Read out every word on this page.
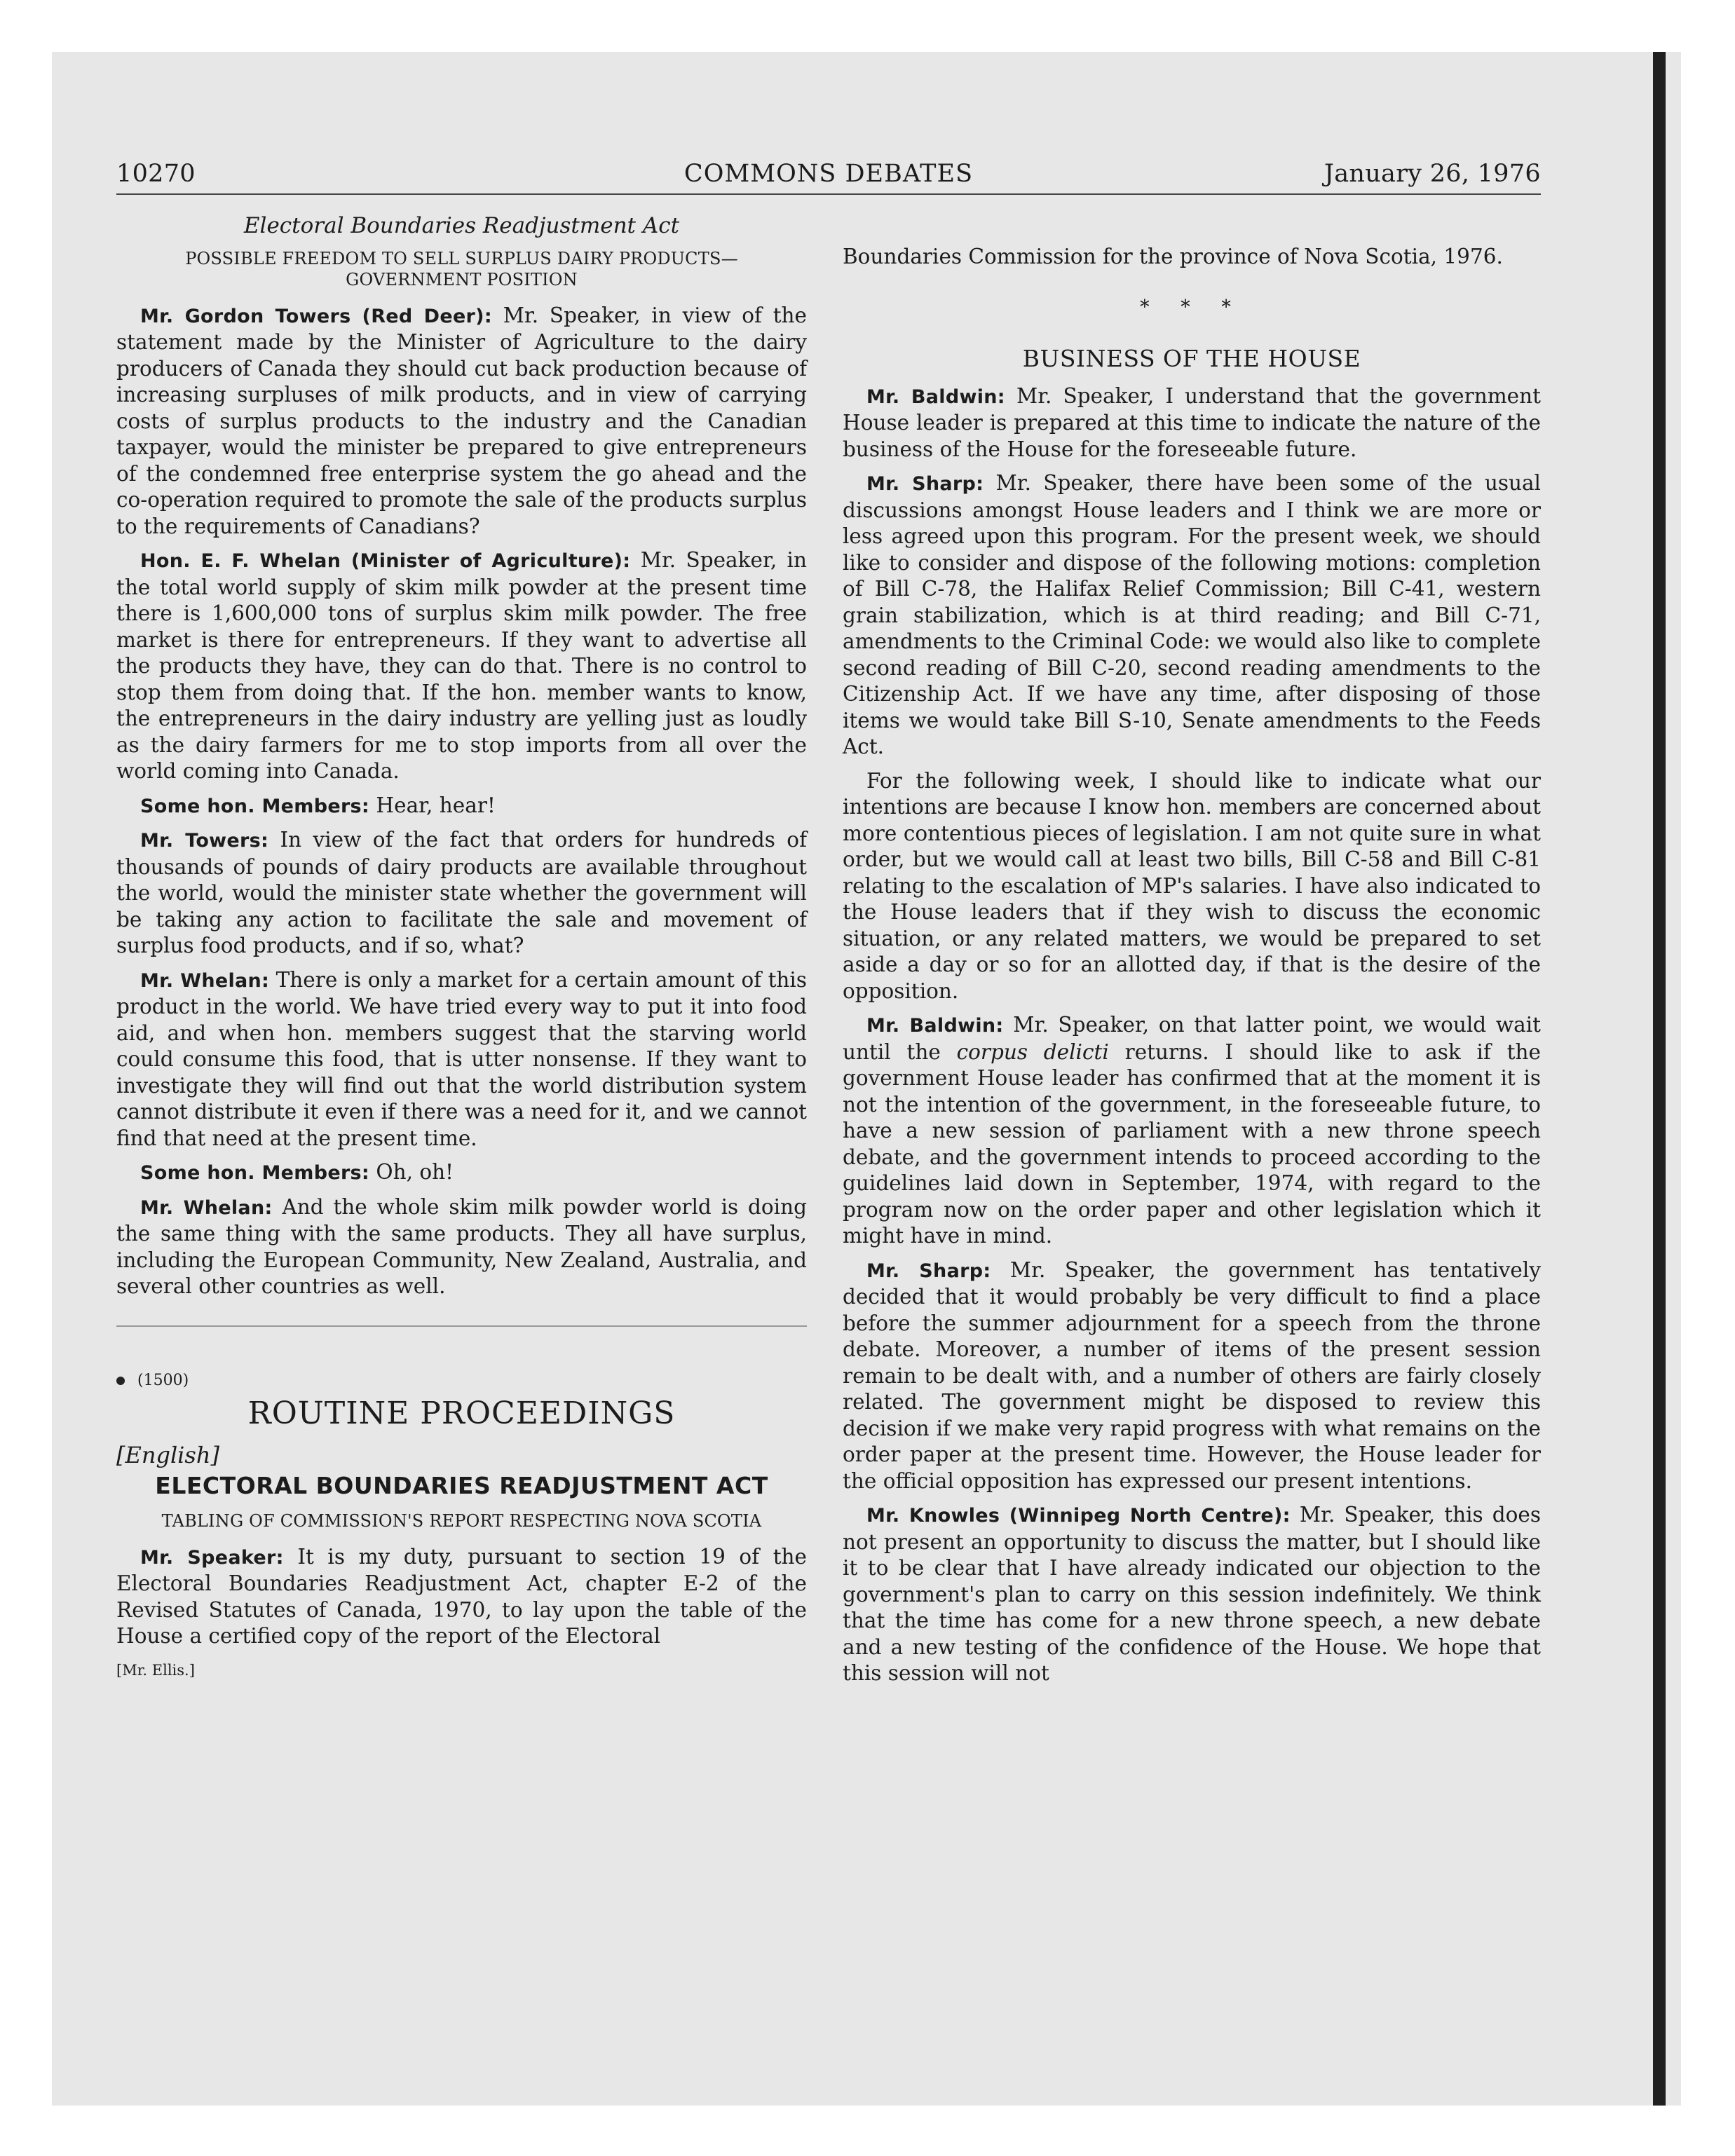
10270	COMMONS DEBATES	January 26, 1976
Electoral Boundaries Readjustment Act
POSSIBLE FREEDOM TO SELL SURPLUS DAIRY PRODUCTS— GOVERNMENT POSITION

Mr. Gordon Towers (Red Deer): Mr. Speaker, in view of the statement made by the Minister of Agriculture to the dairy producers of Canada they should cut back production because of increasing surpluses of milk products, and in view of carrying costs of surplus products to the industry and the Canadian taxpayer, would the minister be prepared to give entrepreneurs of the condemned free enterprise system the go ahead and the co-operation required to promote the sale of the products surplus to the requirements of Canadians?

Hon. E. F. Whelan (Minister of Agriculture): Mr. Speaker, in the total world supply of skim milk powder at the present time there is 1,600,000 tons of surplus skim milk powder. The free market is there for entrepreneurs. If they want to advertise all the products they have, they can do that. There is no control to stop them from doing that. If the hon. member wants to know, the entrepreneurs in the dairy industry are yelling just as loudly as the dairy farmers for me to stop imports from all over the world coming into Canada.

Some hon. Members: Hear, hear!

Mr. Towers: In view of the fact that orders for hundreds of thousands of pounds of dairy products are available throughout the world, would the minister state whether the government will be taking any action to facilitate the sale and movement of surplus food products, and if so, what?

Mr. Whelan: There is only a market for a certain amount of this product in the world. We have tried every way to put it into food aid, and when hon. members suggest that the starving world could consume this food, that is utter nonsense. If they want to investigate they will find out that the world distribution system cannot distribute it even if there was a need for it, and we cannot find that need at the present time.

Some hon. Members: Oh, oh!

Mr. Whelan: And the whole skim milk powder world is doing the same thing with the same products. They all have surplus, including the European Community, New Zealand, Australia, and several other countries as well.

(1500)
ROUTINE PROCEEDINGS
[English]
ELECTORAL BOUNDARIES READJUSTMENT ACT
TABLING OF COMMISSION'S REPORT RESPECTING NOVA SCOTIA

Mr. Speaker: It is my duty, pursuant to section 19 of the Electoral Boundaries Readjustment Act, chapter E-2 of the Revised Statutes of Canada, 1970, to lay upon the table of the House a certified copy of the report of the Electoral

[Mr. Ellis.]

Boundaries Commission for the province of Nova Scotia, 1976.

* * *
BUSINESS OF THE HOUSE

Mr. Baldwin: Mr. Speaker, I understand that the government House leader is prepared at this time to indicate the nature of the business of the House for the foreseeable future.

Mr. Sharp: Mr. Speaker, there have been some of the usual discussions amongst House leaders and I think we are more or less agreed upon this program. For the present week, we should like to consider and dispose of the following motions: completion of Bill C-78, the Halifax Relief Commission; Bill C-41, western grain stabilization, which is at third reading; and Bill C-71, amendments to the Criminal Code: we would also like to complete second reading of Bill C-20, second reading amendments to the Citizenship Act. If we have any time, after disposing of those items we would take Bill S-10, Senate amendments to the Feeds Act.

For the following week, I should like to indicate what our intentions are because I know hon. members are concerned about more contentious pieces of legislation. I am not quite sure in what order, but we would call at least two bills, Bill C-58 and Bill C-81 relating to the escalation of MP's salaries. I have also indicated to the House leaders that if they wish to discuss the economic situation, or any related matters, we would be prepared to set aside a day or so for an allotted day, if that is the desire of the opposition.

Mr. Baldwin: Mr. Speaker, on that latter point, we would wait until the corpus delicti returns. I should like to ask if the government House leader has confirmed that at the moment it is not the intention of the government, in the foreseeable future, to have a new session of parliament with a new throne speech debate, and the government intends to proceed according to the guidelines laid down in September, 1974, with regard to the program now on the order paper and other legislation which it might have in mind.

Mr. Sharp: Mr. Speaker, the government has tentatively decided that it would probably be very difficult to find a place before the summer adjournment for a speech from the throne debate. Moreover, a number of items of the present session remain to be dealt with, and a number of others are fairly closely related. The government might be disposed to review this decision if we make very rapid progress with what remains on the order paper at the present time. However, the House leader for the official opposition has expressed our present intentions.

Mr. Knowles (Winnipeg North Centre): Mr. Speaker, this does not present an opportunity to discuss the matter, but I should like it to be clear that I have already indicated our objection to the government's plan to carry on this session indefinitely. We think that the time has come for a new throne speech, a new debate and a new testing of the confidence of the House. We hope that this session will not
